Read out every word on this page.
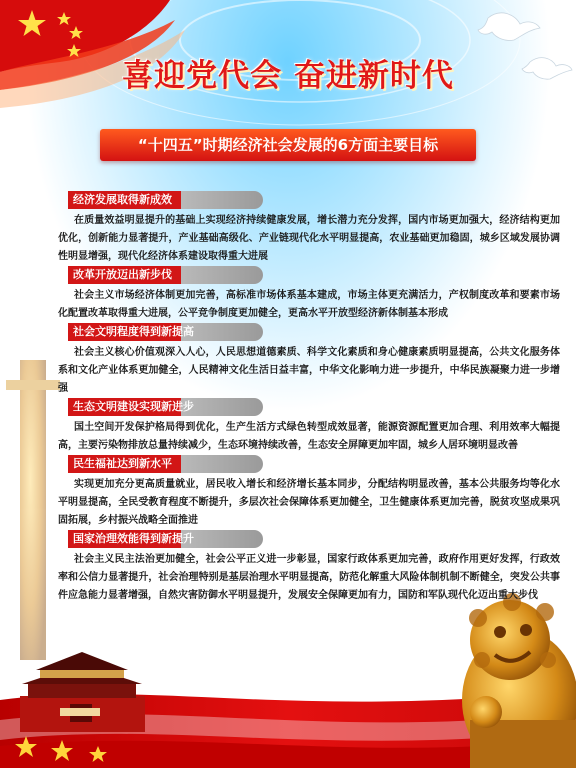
喜迎党代会 奋进新时代
“十四五”时期经济社会发展的6方面主要目标
经济发展取得新成效
在质量效益明显提升的基础上实现经济持续健康发展，增长潜力充分发挥，国内市场更加强大，经济结构更加优化，创新能力显著提升，产业基础高级化、产业链现代化水平明显提高，农业基础更加稳固，城乡区域发展协调性明显增强，现代化经济体系建设取得重大进展
改革开放迈出新步伐
社会主义市场经济体制更加完善，高标准市场体系基本建成，市场主体更充满活力，产权制度改革和要素市场化配置改革取得重大进展，公平竞争制度更加健全，更高水平开放型经济新体制基本形成
社会文明程度得到新提高
社会主义核心价值观深入人心，人民思想道德素质、科学文化素质和身心健康素质明显提高，公共文化服务体系和文化产业体系更加健全，人民精神文化生活日益丰富，中华文化影响力进一步提升，中华民族凝聚力进一步增强
生态文明建设实现新进步
国土空间开发保护格局得到优化，生产生活方式绿色转型成效显著，能源资源配置更加合理、利用效率大幅提高，主要污染物排放总量持续减少，生态环境持续改善，生态安全屏障更加牢固，城乡人居环境明显改善
民生福祉达到新水平
实现更加充分更高质量就业，居民收入增长和经济增长基本同步，分配结构明显改善，基本公共服务均等化水平明显提高，全民受教育程度不断提升，多层次社会保障体系更加健全，卫生健康体系更加完善，脱贫攻坚成果巩固拓展，乡村振兴战略全面推进
国家治理效能得到新提升
社会主义民主法治更加健全，社会公平正义进一步彰显，国家行政体系更加完善，政府作用更好发挥，行政效率和公信力显著提升，社会治理特别是基层治理水平明显提高，防范化解重大风险体制机制不断健全，突发公共事件应急能力显著增强，自然灾害防御水平明显提升，发展安全保障更加有力，国防和军队现代化迈出重大步伐
